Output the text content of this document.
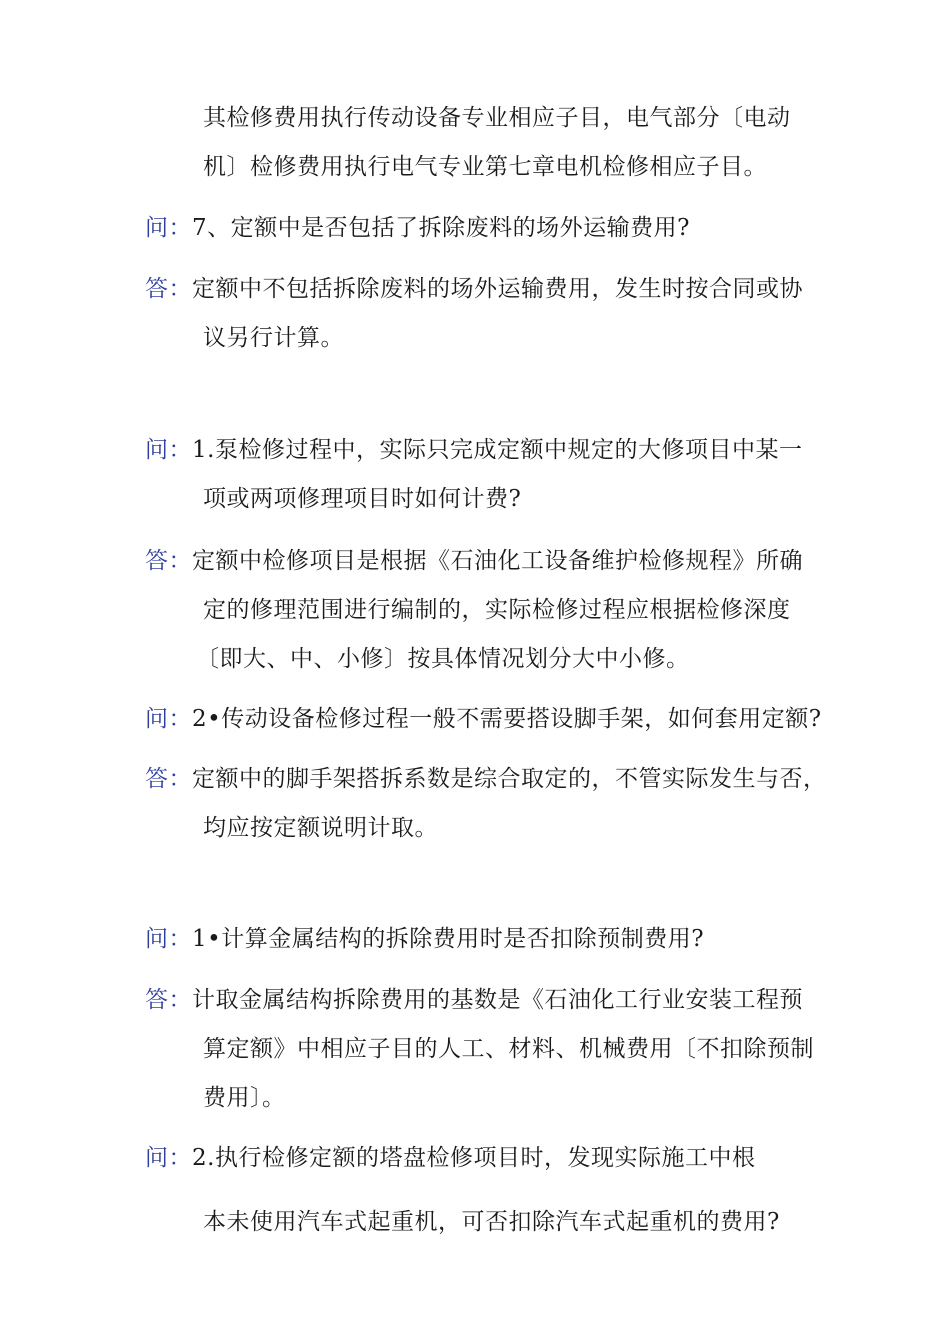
其检修费用执行传动设备专业相应子目，电气部分〔电动
机〕检修费用执行电气专业第七章电机检修相应子目。
问：7、定额中是否包括了拆除废料的场外运输费用?
答：定额中不包括拆除废料的场外运输费用，发生时按合同或协
议另行计算。
问：1.泵检修过程中，实际只完成定额中规定的大修项目中某一
项或两项修理项目时如何计费?
答：定额中检修项目是根据《石油化工设备维护检修规程》所确
定的修理范围进行编制的，实际检修过程应根据检修深度
〔即大、中、小修〕按具体情况划分大中小修。
问：2•传动设备检修过程一般不需要搭设脚手架，如何套用定额?
答：定额中的脚手架搭拆系数是综合取定的，不管实际发生与否，
均应按定额说明计取。
问：1•计算金属结构的拆除费用时是否扣除预制费用?
答：计取金属结构拆除费用的基数是《石油化工行业安装工程预
算定额》中相应子目的人工、材料、机械费用〔不扣除预制
费用〕。
问：2.执行检修定额的塔盘检修项目时，发现实际施工中根
本未使用汽车式起重机，可否扣除汽车式起重机的费用?
